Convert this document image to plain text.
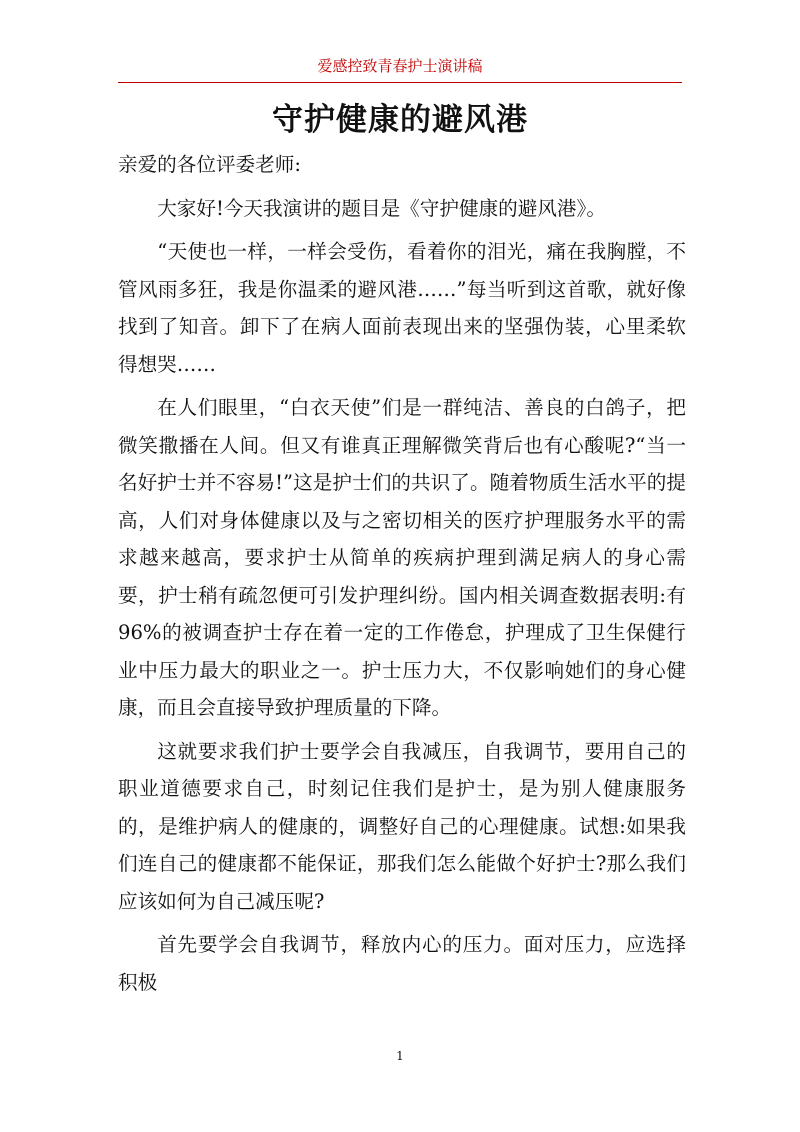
爱感控致青春护士演讲稿
守护健康的避风港

亲爱的各位评委老师:

大家好!今天我演讲的题目是《守护健康的避风港》。

“天使也一样，一样会受伤，看着你的泪光，痛在我胸膛，不管风雨多狂，我是你温柔的避风港……”每当听到这首歌，就好像找到了知音。卸下了在病人面前表现出来的坚强伪装，心里柔软得想哭……

在人们眼里，“白衣天使”们是一群纯洁、善良的白鸽子，把微笑撒播在人间。但又有谁真正理解微笑背后也有心酸呢?“当一名好护士并不容易!”这是护士们的共识了。随着物质生活水平的提高，人们对身体健康以及与之密切相关的医疗护理服务水平的需求越来越高，要求护士从简单的疾病护理到满足病人的身心需要，护士稍有疏忽便可引发护理纠纷。国内相关调查数据表明:有96%的被调查护士存在着一定的工作倦怠，护理成了卫生保健行业中压力最大的职业之一。护士压力大，不仅影响她们的身心健康，而且会直接导致护理质量的下降。

这就要求我们护士要学会自我减压，自我调节，要用自己的职业道德要求自己，时刻记住我们是护士，是为别人健康服务的，是维护病人的健康的，调整好自己的心理健康。试想:如果我们连自己的健康都不能保证，那我们怎么能做个好护士?那么我们应该如何为自己减压呢?

首先要学会自我调节，释放内心的压力。面对压力，应选择积极

1
